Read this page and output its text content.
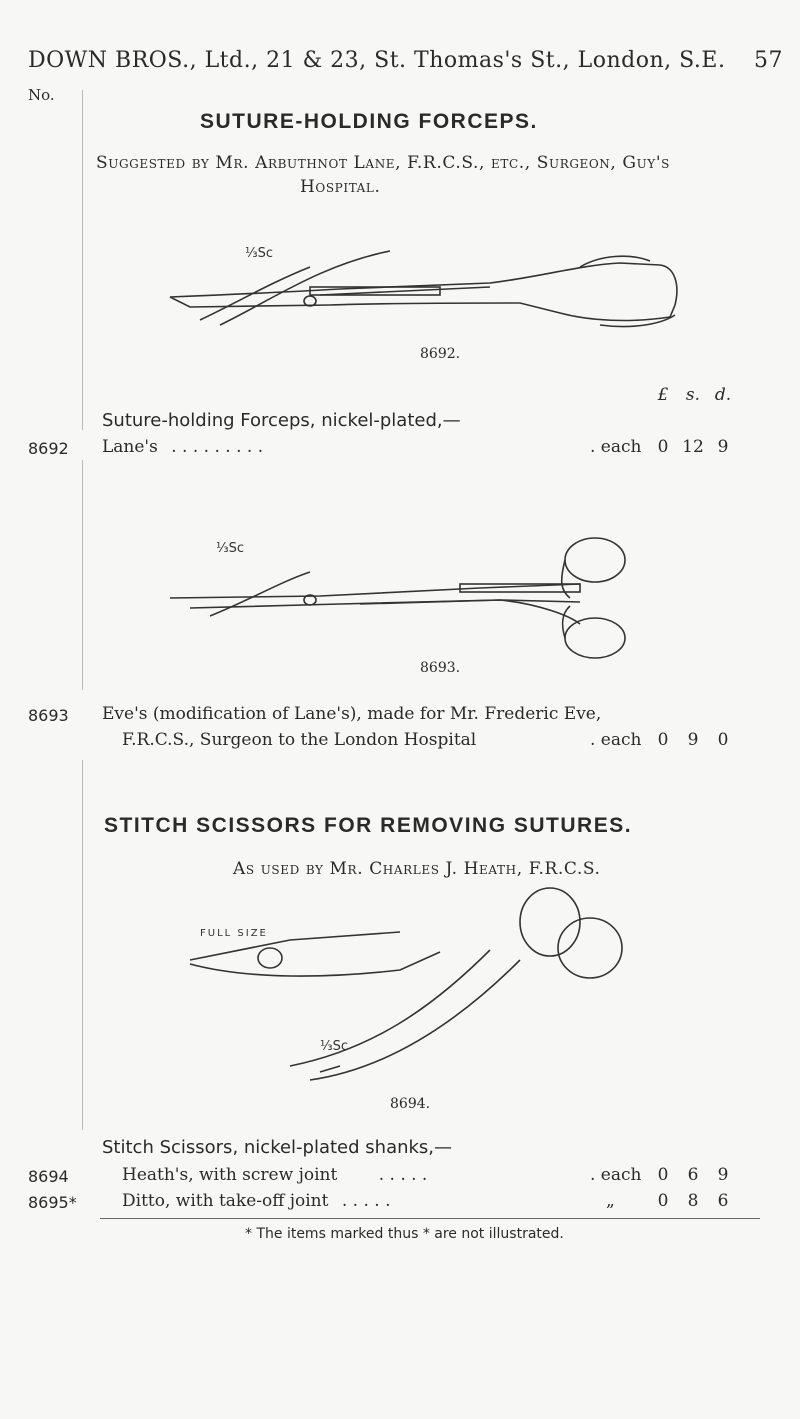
DOWN BROS., Ltd., 21 & 23, St. Thomas's St., London, S.E. 57
No.
SUTURE-HOLDING FORCEPS.
Suggested by Mr. Arbuthnot Lane, F.R.C.S., etc., Surgeon, Guy's
Hospital.
⅓Sc
8692.
£ s. d.
Suture-holding Forceps, nickel-plated,—
8692 Lane's . . . . . . . . .	. each 0 12 9
⅓Sc
8693.
8693 Eve's (modification of Lane's), made for Mr. Frederic Eve,
F.R.C.S., Surgeon to the London Hospital	. each 0 9 0
STITCH SCISSORS FOR REMOVING SUTURES.
As used by Mr. Charles J. Heath, F.R.C.S.
FULL SIZE
⅓Sc
8694.
Stitch Scissors, nickel-plated shanks,—
8694	Heath's, with screw joint . . . . .	. each 0 6 9
8695*	Ditto, with take-off joint . . . . .	„	0 8 6
* The items marked thus * are not illustrated.
